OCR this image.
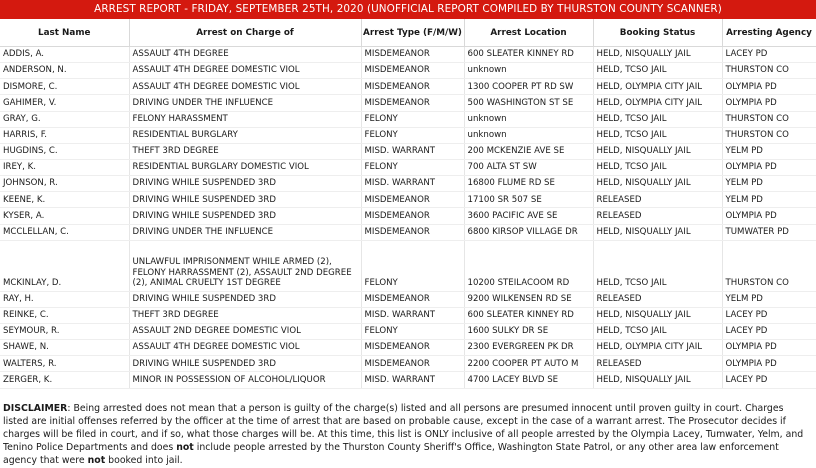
ARREST REPORT - FRIDAY, SEPTEMBER 25TH, 2020 (UNOFFICIAL REPORT COMPILED BY THURSTON COUNTY SCANNER)
Last Name	Arrest on Charge of	Arrest Type (F/M/W)	Arrest Location	Booking Status	Arresting Agency
ADDIS, A.	ASSAULT 4TH DEGREE	MISDEMEANOR	600 SLEATER KINNEY RD	HELD, NISQUALLY JAIL	LACEY PD
ANDERSON, N.	ASSAULT 4TH DEGREE DOMESTIC VIOL	MISDEMEANOR	unknown	HELD, TCSO JAIL	THURSTON CO
DISMORE, C.	ASSAULT 4TH DEGREE DOMESTIC VIOL	MISDEMEANOR	1300 COOPER PT RD SW	HELD, OLYMPIA CITY JAIL	OLYMPIA PD
GAHIMER, V.	DRIVING UNDER THE INFLUENCE	MISDEMEANOR	500 WASHINGTON ST SE	HELD, OLYMPIA CITY JAIL	OLYMPIA PD
GRAY, G.	FELONY HARASSMENT	FELONY	unknown	HELD, TCSO JAIL	THURSTON CO
HARRIS, F.	RESIDENTIAL BURGLARY	FELONY	unknown	HELD, TCSO JAIL	THURSTON CO
HUGDINS, C.	THEFT 3RD DEGREE	MISD. WARRANT	200 MCKENZIE AVE SE	HELD, NISQUALLY JAIL	YELM PD
IREY, K.	RESIDENTIAL BURGLARY DOMESTIC VIOL	FELONY	700 ALTA ST SW	HELD, TCSO JAIL	OLYMPIA PD
JOHNSON, R.	DRIVING WHILE SUSPENDED 3RD	MISD. WARRANT	16800 FLUME RD SE	HELD, NISQUALLY JAIL	YELM PD
KEENE, K.	DRIVING WHILE SUSPENDED 3RD	MISDEMEANOR	17100 SR 507 SE	RELEASED	YELM PD
KYSER, A.	DRIVING WHILE SUSPENDED 3RD	MISDEMEANOR	3600 PACIFIC AVE SE	RELEASED	OLYMPIA PD
MCCLELLAN, C.	DRIVING UNDER THE INFLUENCE	MISDEMEANOR	6800 KIRSOP VILLAGE DR	HELD, NISQUALLY JAIL	TUMWATER PD
MCKINLAY, D.	UNLAWFUL IMPRISONMENT WHILE ARMED (2), FELONY HARRASSMENT (2), ASSAULT 2ND DEGREE (2), ANIMAL CRUELTY 1ST DEGREE	FELONY	10200 STEILACOOM RD	HELD, TCSO JAIL	THURSTON CO
RAY, H.	DRIVING WHILE SUSPENDED 3RD	MISDEMEANOR	9200 WILKENSEN RD SE	RELEASED	YELM PD
REINKE, C.	THEFT 3RD DEGREE	MISD. WARRANT	600 SLEATER KINNEY RD	HELD, NISQUALLY JAIL	LACEY PD
SEYMOUR, R.	ASSAULT 2ND DEGREE DOMESTIC VIOL	FELONY	1600 SULKY DR SE	HELD, TCSO JAIL	LACEY PD
SHAWE, N.	ASSAULT 4TH DEGREE DOMESTIC VIOL	MISDEMEANOR	2300 EVERGREEN PK DR	HELD, OLYMPIA CITY JAIL	OLYMPIA PD
WALTERS, R.	DRIVING WHILE SUSPENDED 3RD	MISDEMEANOR	2200 COOPER PT AUTO M	RELEASED	OLYMPIA PD
ZERGER, K.	MINOR IN POSSESSION OF ALCOHOL/LIQUOR	MISD. WARRANT	4700 LACEY BLVD SE	HELD, NISQUALLY JAIL	LACEY PD
DISCLAIMER: Being arrested does not mean that a person is guilty of the charge(s) listed and all persons are presumed innocent until proven guilty in court. Charges listed are initial offenses referred by the officer at the time of arrest that are based on probable cause, except in the case of a warrant arrest. The Prosecutor decides if charges will be filed in court, and if so, what those charges will be. At this time, this list is ONLY inclusive of all people arrested by the Olympia Lacey, Tumwater, Yelm, and Tenino Police Departments and does not include people arrested by the Thurston County Sheriff's Office, Washington State Patrol, or any other area law enforcement agency that were not booked into jail.
